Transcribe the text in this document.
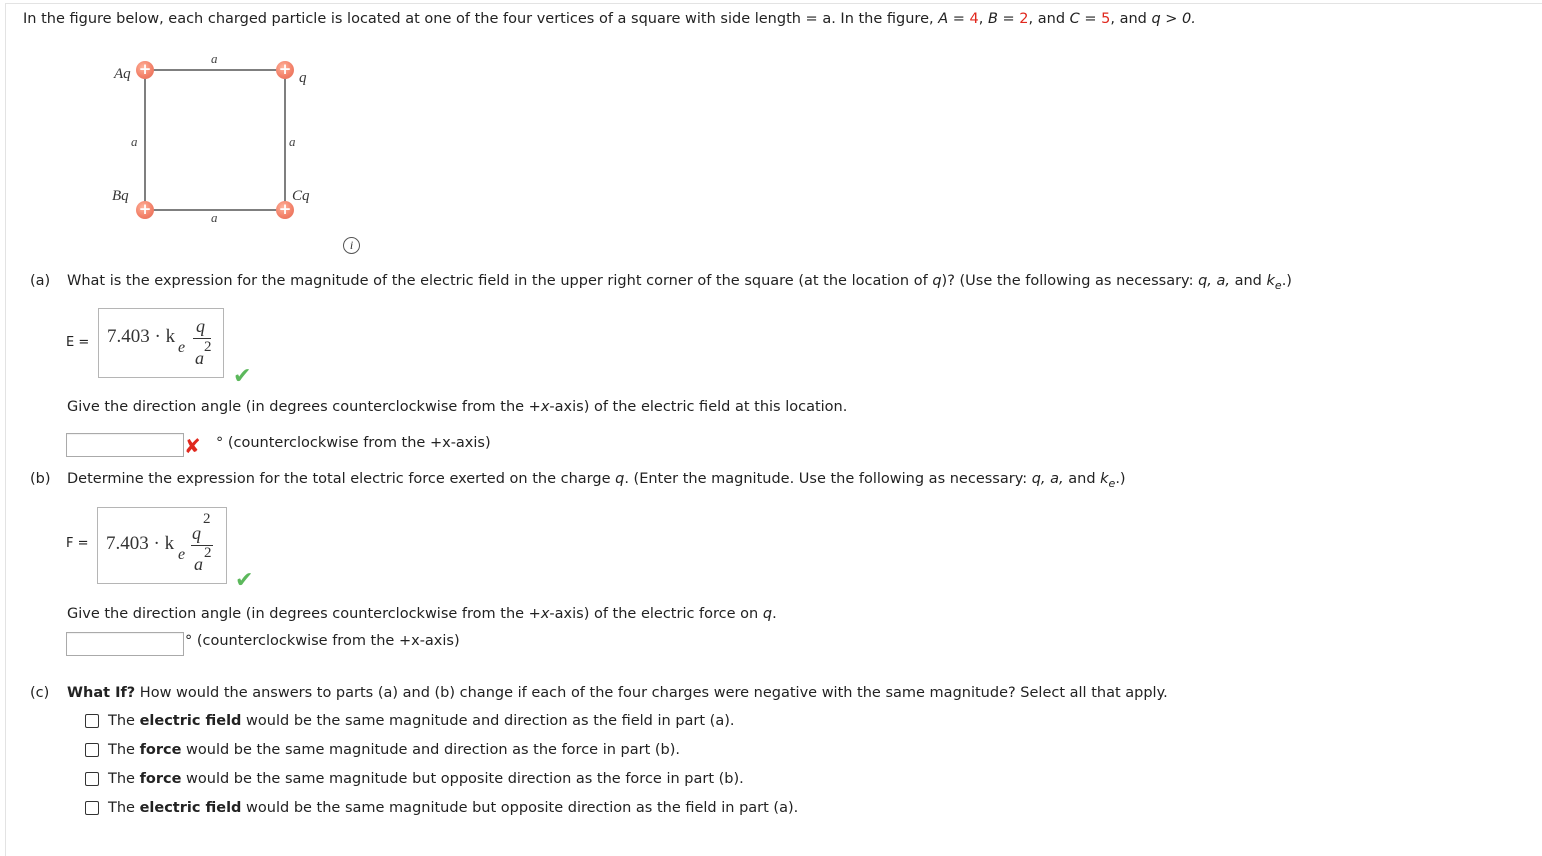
In the figure below, each charged particle is located at one of the four vertices of a square with side length = a. In the figure, A = 4, B = 2, and C = 5, and q > 0.
+	+
+	+
Aq	q
Bq	Cq
a
a
a	a
i
(a) What is the expression for the magnitude of the electric field in the upper right corner of the square (at the location of q)? (Use the following as necessary: q, a, and $k_e$.)
E = 7.403 · k
e
q
a
2
✔
Give the direction angle (in degrees counterclockwise from the +x-axis) of the electric field at this location.
✘ ° (counterclockwise from the +x-axis)
(b) Determine the expression for the total electric force exerted on the charge q. (Enter the magnitude. Use the following as necessary: q, a, and $k_e$.)
F = 7.403 · k
e
q
2
a
2
✔
Give the direction angle (in degrees counterclockwise from the +x-axis) of the electric force on q.
° (counterclockwise from the +x-axis)
(c) What If? How would the answers to parts (a) and (b) change if each of the four charges were negative with the same magnitude? Select all that apply.
The electric field would be the same magnitude and direction as the field in part (a).
The force would be the same magnitude and direction as the force in part (b).
The force would be the same magnitude but opposite direction as the force in part (b).
The electric field would be the same magnitude but opposite direction as the field in part (a).
